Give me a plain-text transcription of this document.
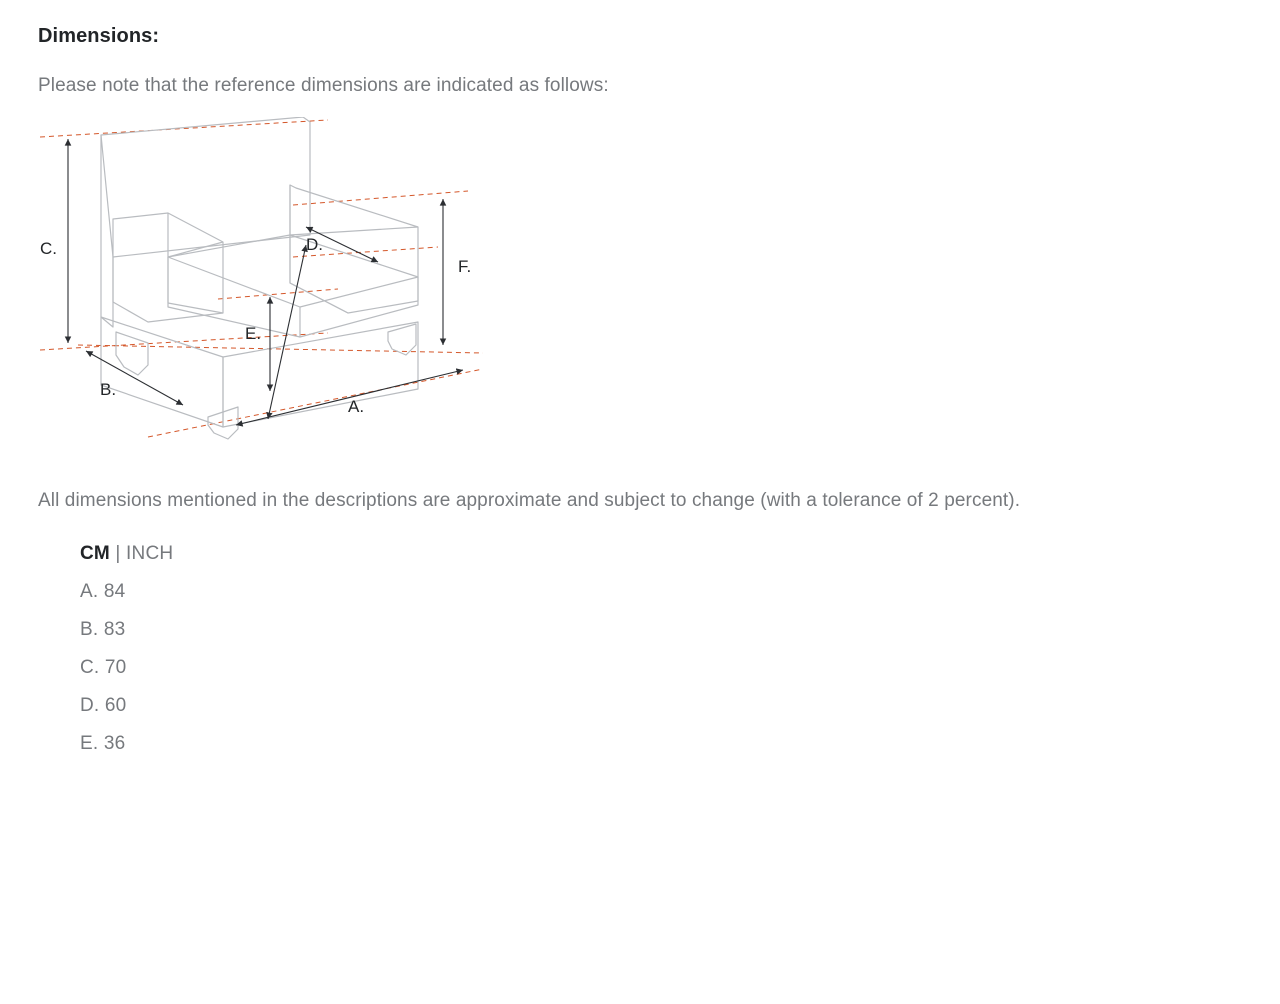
Dimensions:

Please note that the reference dimensions are indicated as follows:

C.	D.
F.
E.
B.
A.

All dimensions mentioned in the descriptions are approximate and subject to change (with a tolerance of 2 percent).

CM | INCH
A. 84
B. 83
C. 70
D. 60
E. 36
